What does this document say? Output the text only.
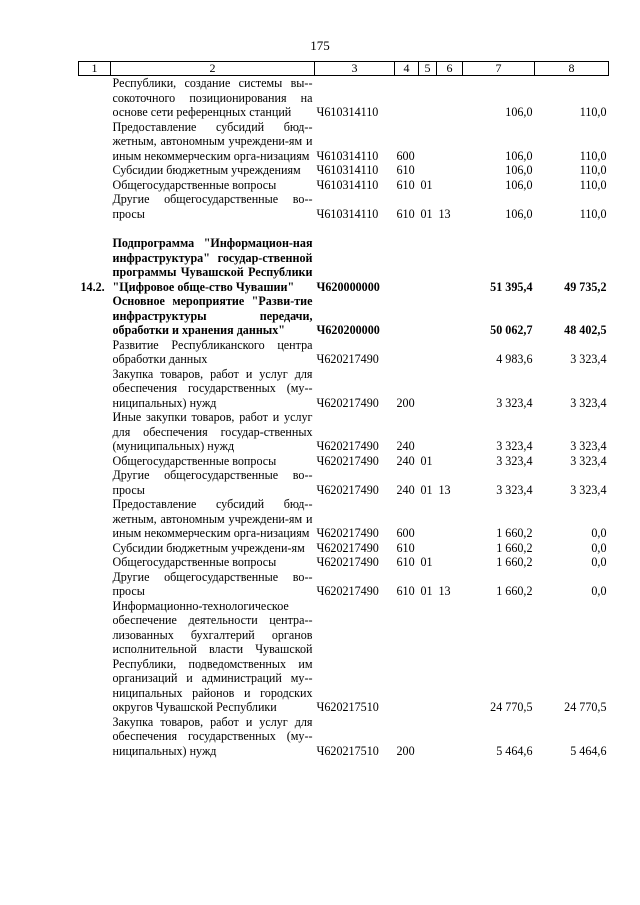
175
1	2	3	4	5	6	7	8
	Республики, создание системы вы-сокоточного позиционирования на основе сети референцных станций	Ч610314110				106,0	110,0
	Предоставление субсидий бюд-жетным, автономным учреждени-ям и иным некоммерческим орга-низациям	Ч610314110	600			106,0	110,0
	Субсидии бюджетным учреждениям	Ч610314110	610			106,0	110,0
	Общегосударственные вопросы	Ч610314110	610	01		106,0	110,0
	Другие общегосударственные во-просы	Ч610314110	610	01	13	106,0	110,0

14.2.	Подпрограмма "Информацион-ная инфраструктура" государ-ственной программы Чувашской Республики "Цифровое обще-ство Чувашии"	Ч620000000				51 395,4	49 735,2
	Основное мероприятие "Разви-тие инфраструктуры передачи, обработки и хранения данных"	Ч620200000				50 062,7	48 402,5
	Развитие Республиканского центра обработки данных	Ч620217490				4 983,6	3 323,4
	Закупка товаров, работ и услуг для обеспечения государственных (му-ниципальных) нужд	Ч620217490	200			3 323,4	3 323,4
	Иные закупки товаров, работ и услуг для обеспечения государ-ственных (муниципальных) нужд	Ч620217490	240			3 323,4	3 323,4
	Общегосударственные вопросы	Ч620217490	240	01		3 323,4	3 323,4
	Другие общегосударственные во-просы	Ч620217490	240	01	13	3 323,4	3 323,4
	Предоставление субсидий бюд-жетным, автономным учреждени-ям и иным некоммерческим орга-низациям	Ч620217490	600			1 660,2	0,0
	Субсидии бюджетным учреждени-ям	Ч620217490	610			1 660,2	0,0
	Общегосударственные вопросы	Ч620217490	610	01		1 660,2	0,0
	Другие общегосударственные во-просы	Ч620217490	610	01	13	1 660,2	0,0
	Информационно-технологическое обеспечение деятельности центра-лизованных бухгалтерий органов исполнительной власти Чувашской Республики, подведомственных им организаций и администраций му-ниципальных районов и городских округов Чувашской Республики	Ч620217510				24 770,5	24 770,5
	Закупка товаров, работ и услуг для обеспечения государственных (му-ниципальных) нужд	Ч620217510	200			5 464,6	5 464,6
